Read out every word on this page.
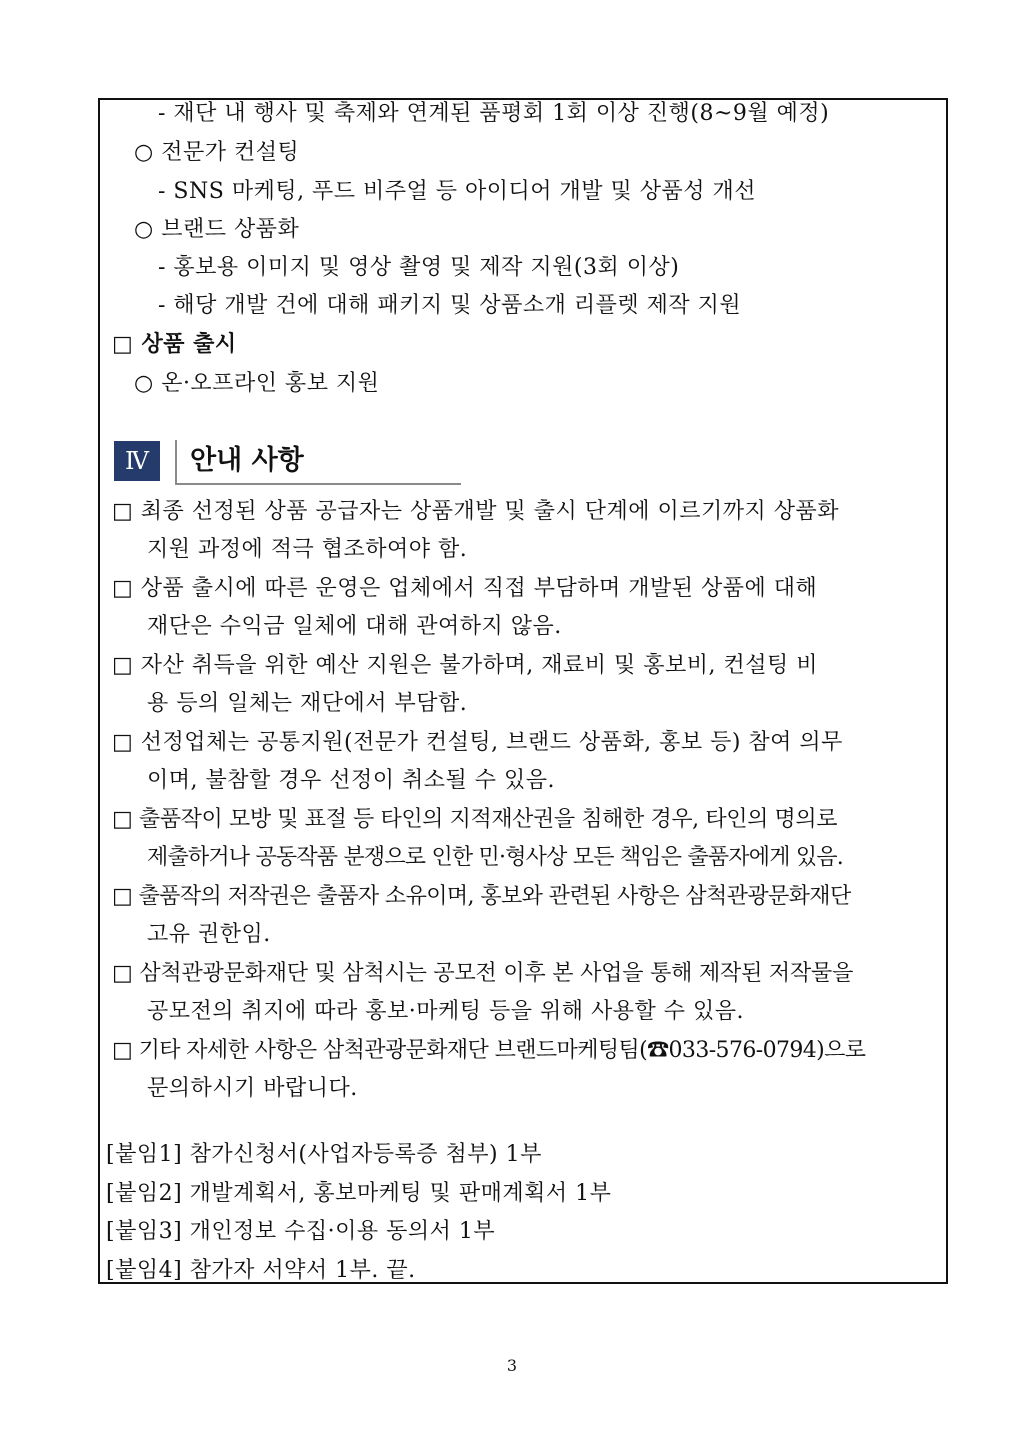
- 재단 내 행사 및 축제와 연계된 품평회 1회 이상 진행(8~9월 예정)
○ 전문가 컨설팅
- SNS 마케팅, 푸드 비주얼 등 아이디어 개발 및 상품성 개선
○ 브랜드 상품화
- 홍보용 이미지 및 영상 촬영 및 제작 지원(3회 이상)
- 해당 개발 건에 대해 패키지 및 상품소개 리플렛 제작 지원
□ 상품 출시
○ 온·오프라인 홍보 지원
Ⅳ	안내 사항
□ 최종 선정된 상품 공급자는 상품개발 및 출시 단계에 이르기까지 상품화
지원 과정에 적극 협조하여야 함.
□ 상품 출시에 따른 운영은 업체에서 직접 부담하며 개발된 상품에 대해
재단은 수익금 일체에 대해 관여하지 않음.
□ 자산 취득을 위한 예산 지원은 불가하며, 재료비 및 홍보비, 컨설팅 비
용 등의 일체는 재단에서 부담함.
□ 선정업체는 공통지원(전문가 컨설팅, 브랜드 상품화, 홍보 등) 참여 의무
이며, 불참할 경우 선정이 취소될 수 있음.
□ 출품작이 모방 및 표절 등 타인의 지적재산권을 침해한 경우, 타인의 명의로
제출하거나 공동작품 분쟁으로 인한 민·형사상 모든 책임은 출품자에게 있음.
□ 출품작의 저작권은 출품자 소유이며, 홍보와 관련된 사항은 삼척관광문화재단
고유 권한임.
□ 삼척관광문화재단 및 삼척시는 공모전 이후 본 사업을 통해 제작된 저작물을
공모전의 취지에 따라 홍보·마케팅 등을 위해 사용할 수 있음.
□ 기타 자세한 사항은 삼척관광문화재단 브랜드마케팅팀(☎033-576-0794)으로
문의하시기 바랍니다.
[붙임1] 참가신청서(사업자등록증 첨부) 1부
[붙임2] 개발계획서, 홍보마케팅 및 판매계획서 1부
[붙임3] 개인정보 수집·이용 동의서 1부
[붙임4] 참가자 서약서 1부. 끝.
3
